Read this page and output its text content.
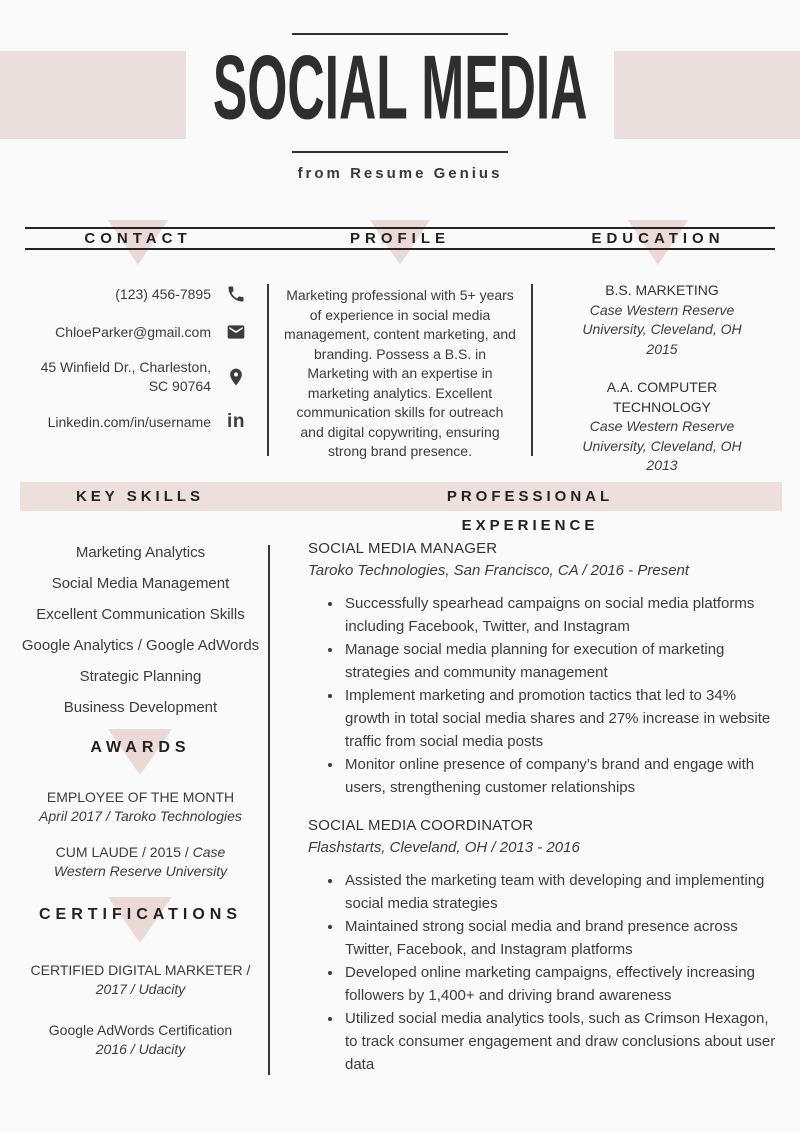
SOCIAL MEDIA
from Resume Genius
CONTACT	PROFILE	EDUCATION
(123) 456-7895
ChloeParker@gmail.com
45 Winfield Dr., Charleston, SC 90764
Linkedin.com/in/username in
Marketing professional with 5+ years of experience in social media management, content marketing, and branding. Possess a B.S. in Marketing with an expertise in marketing analytics. Excellent communication skills for outreach and digital copywriting, ensuring strong brand presence.
B.S. MARKETING
Case Western Reserve University, Cleveland, OH
2015
A.A. COMPUTER TECHNOLOGY
Case Western Reserve University, Cleveland, OH
2013
KEY SKILLS	PROFESSIONAL EXPERIENCE
Marketing Analytics
Social Media Management
Excellent Communication Skills
Google Analytics / Google AdWords
Strategic Planning
Business Development
AWARDS
EMPLOYEE OF THE MONTH
April 2017 / Taroko Technologies
CUM LAUDE / 2015 / Case
Western Reserve University
CERTIFICATIONS
CERTIFIED DIGITAL MARKETER /
2017 / Udacity
Google AdWords Certification
2016 / Udacity
SOCIAL MEDIA MANAGER
Taroko Technologies, San Francisco, CA / 2016 - Present
• Successfully spearhead campaigns on social media platforms including Facebook, Twitter, and Instagram
• Manage social media planning for execution of marketing strategies and community management
• Implement marketing and promotion tactics that led to 34% growth in total social media shares and 27% increase in website traffic from social media posts
• Monitor online presence of company’s brand and engage with users, strengthening customer relationships
SOCIAL MEDIA COORDINATOR
Flashstarts, Cleveland, OH / 2013 - 2016
• Assisted the marketing team with developing and implementing social media strategies
• Maintained strong social media and brand presence across Twitter, Facebook, and Instagram platforms
• Developed online marketing campaigns, effectively increasing followers by 1,400+ and driving brand awareness
• Utilized social media analytics tools, such as Crimson Hexagon, to track consumer engagement and draw conclusions about user data
